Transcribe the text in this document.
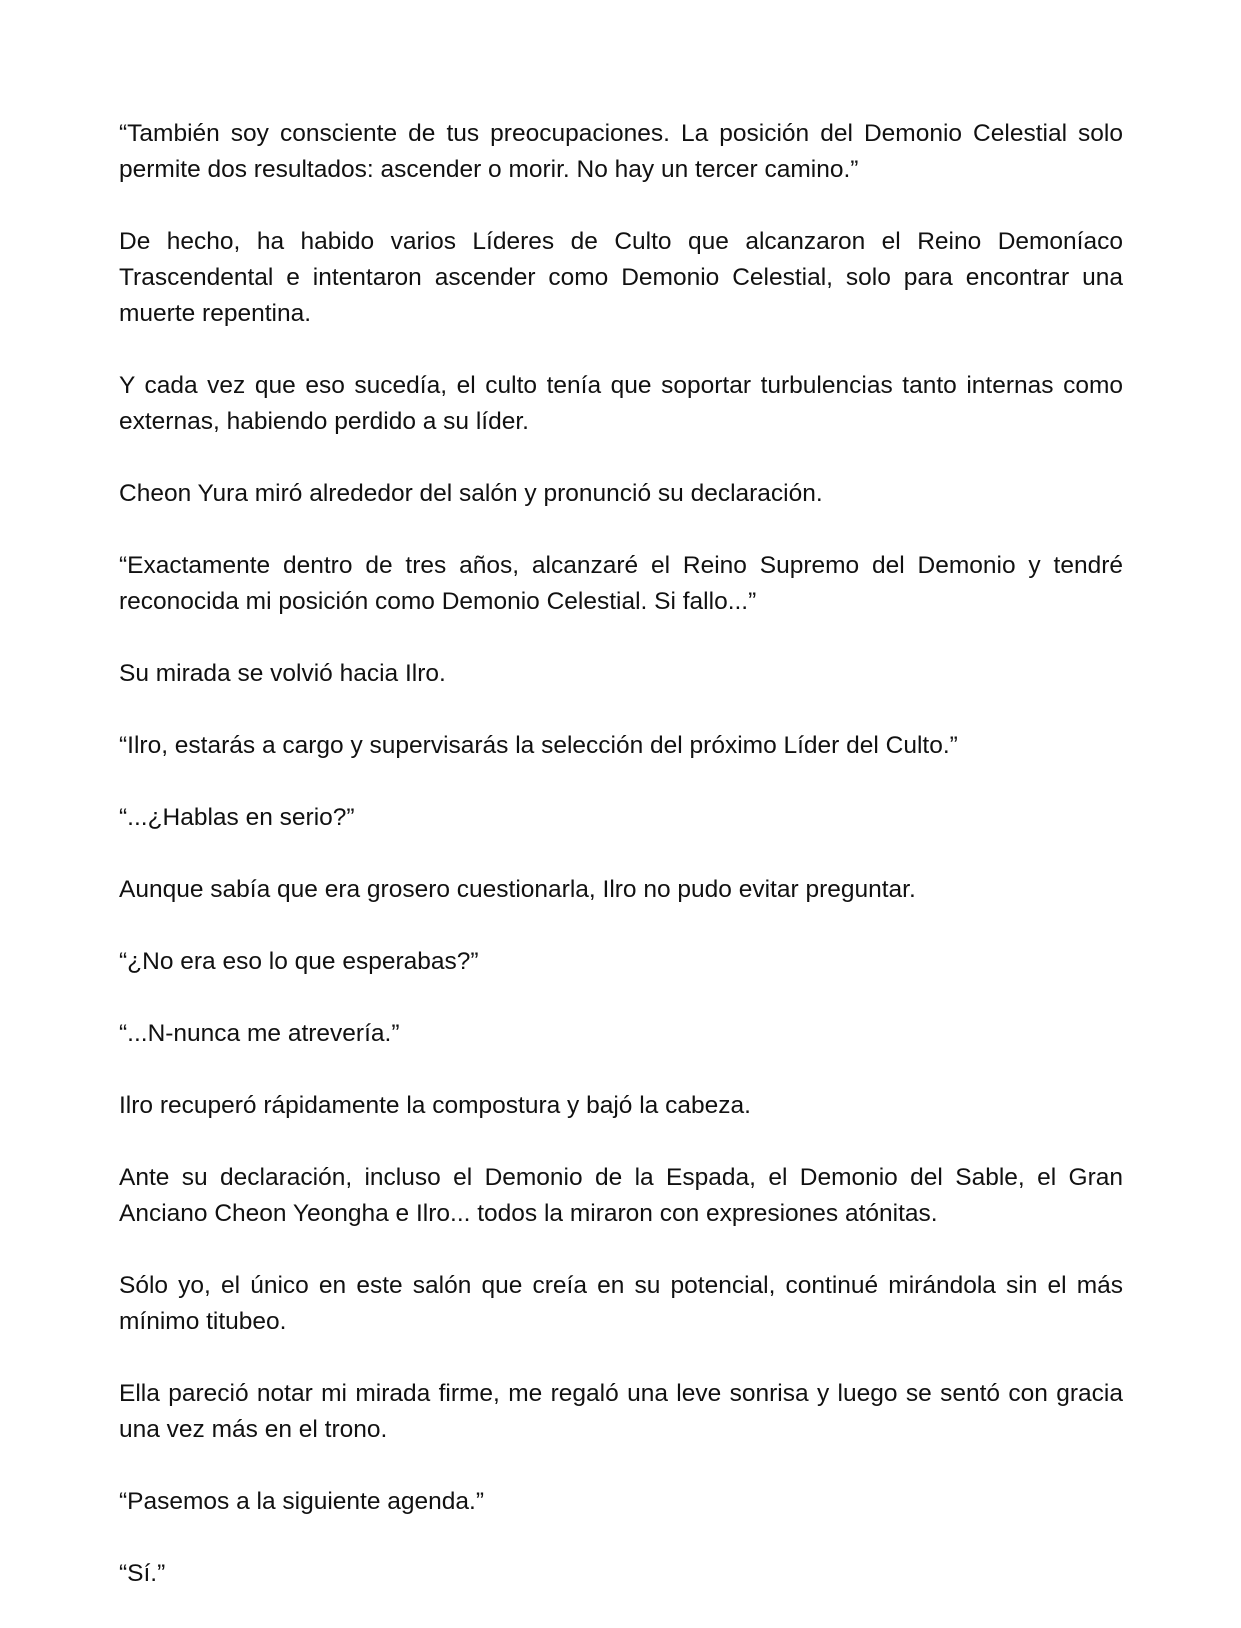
“También soy consciente de tus preocupaciones. La posición del Demonio Celestial solo permite dos resultados: ascender o morir. No hay un tercer camino.”

De hecho, ha habido varios Líderes de Culto que alcanzaron el Reino Demoníaco Trascendental e intentaron ascender como Demonio Celestial, solo para encontrar una muerte repentina.

Y cada vez que eso sucedía, el culto tenía que soportar turbulencias tanto internas como externas, habiendo perdido a su líder.

Cheon Yura miró alrededor del salón y pronunció su declaración.

“Exactamente dentro de tres años, alcanzaré el Reino Supremo del Demonio y tendré reconocida mi posición como Demonio Celestial. Si fallo...”

Su mirada se volvió hacia Ilro.

“Ilro, estarás a cargo y supervisarás la selección del próximo Líder del Culto.”

“...¿Hablas en serio?”

Aunque sabía que era grosero cuestionarla, Ilro no pudo evitar preguntar.

“¿No era eso lo que esperabas?”

“...N-nunca me atrevería.”

Ilro recuperó rápidamente la compostura y bajó la cabeza.

Ante su declaración, incluso el Demonio de la Espada, el Demonio del Sable, el Gran Anciano Cheon Yeongha e Ilro... todos la miraron con expresiones atónitas.

Sólo yo, el único en este salón que creía en su potencial, continué mirándola sin el más mínimo titubeo.

Ella pareció notar mi mirada firme, me regaló una leve sonrisa y luego se sentó con gracia una vez más en el trono.

“Pasemos a la siguiente agenda.”

“Sí.”
